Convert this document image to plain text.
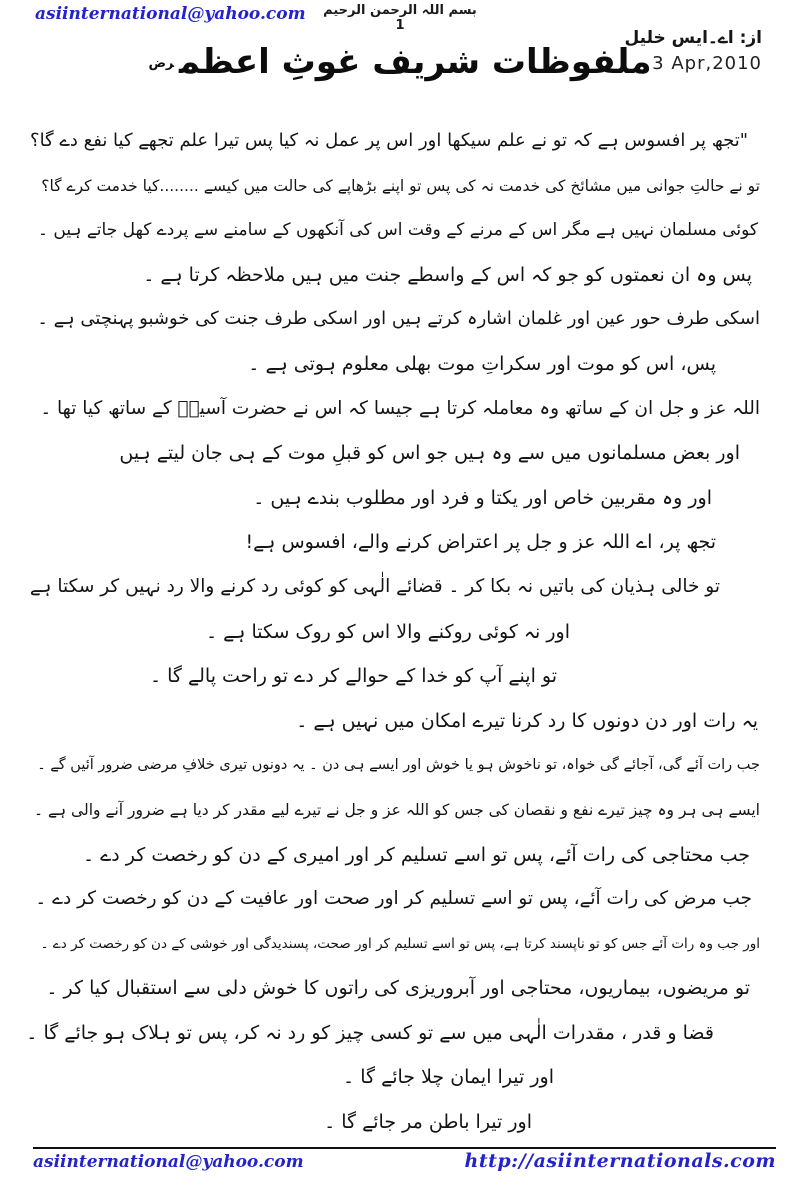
asiinternational@yahoo.com	بسم اللہ الرحمن الرحیم
1
از: اے۔ایس خلیل
3 Apr,2010
ملفوظات شریف غوثِ اعظم$^{رض}$

"تجھ پر افسوس ہے کہ تو نے علم سیکھا اور اس پر عمل نہ کیا پس تیرا علم تجھے کیا نفع دے گا؟

تو نے حالتِ جوانی میں مشائخ کی خدمت نہ کی پس تو اپنے بڑھاپے کی حالت میں کیسے ........کیا خدمت کرے گا؟

کوئی مسلمان نہیں ہے مگر اس کے مرنے کے وقت اس کی آنکھوں کے سامنے سے پردے کھل جاتے ہیں ۔

پس وہ ان نعمتوں کو جو کہ اس کے واسطے جنت میں ہیں ملاحظہ کرتا ہے ۔

اسکی طرف حور عین اور غلمان اشارہ کرتے ہیں اور اسکی طرف جنت کی خوشبو پہنچتی ہے ۔

پس، اس کو موت اور سکراتِ موت بھلی معلوم ہوتی ہے ۔

اللہ عز و جل ان کے ساتھ وہ معاملہ کرتا ہے جیسا کہ اس نے حضرت آسیہؓ کے ساتھ کیا تھا ۔

اور بعض مسلمانوں میں سے وہ ہیں جو اس کو قبلِ موت کے ہی جان لیتے ہیں

اور وہ مقربین خاص اور یکتا و فرد اور مطلوب بندے ہیں ۔

تجھ پر، اے اللہ عز و جل پر اعتراض کرنے والے، افسوس ہے!

تو خالی ہذیان کی باتیں نہ بکا کر ۔ قضائے الٰہی کو کوئی رد کرنے والا رد نہیں کر سکتا ہے

اور نہ کوئی روکنے والا اس کو روک سکتا ہے ۔

تو اپنے آپ کو خدا کے حوالے کر دے تو راحت پالے گا ۔

یہ رات اور دن دونوں کا رد کرنا تیرے امکان میں نہیں ہے ۔

جب رات آئے گی، آجائے گی خواہ، تو ناخوش ہو یا خوش اور ایسے ہی دن ۔ یہ دونوں تیری خلافِ مرضی ضرور آئیں گے ۔

ایسے ہی ہر وہ چیز تیرے نفع و نقصان کی جس کو اللہ عز و جل نے تیرے لیے مقدر کر دیا ہے ضرور آنے والی ہے ۔

جب محتاجی کی رات آئے، پس تو اسے تسلیم کر اور امیری کے دن کو رخصت کر دے ۔

جب مرض کی رات آئے، پس تو اسے تسلیم کر اور صحت اور عافیت کے دن کو رخصت کر دے ۔

اور جب وہ رات آئے جس کو تو ناپسند کرتا ہے، پس تو اسے تسلیم کر اور صحت، پسندیدگی اور خوشی کے دن کو رخصت کر دے ۔

تو مریضوں، بیماریوں، محتاجی اور آبروریزی کی راتوں کا خوش دلی سے استقبال کیا کر ۔

قضا و قدر ، مقدرات الٰہی میں سے تو کسی چیز کو رد نہ کر، پس تو ہلاک ہو جائے گا ۔

اور تیرا ایمان چلا جائے گا ۔

اور تیرا باطن مر جائے گا ۔

asiinternational@yahoo.com	http://asiinternationals.com
